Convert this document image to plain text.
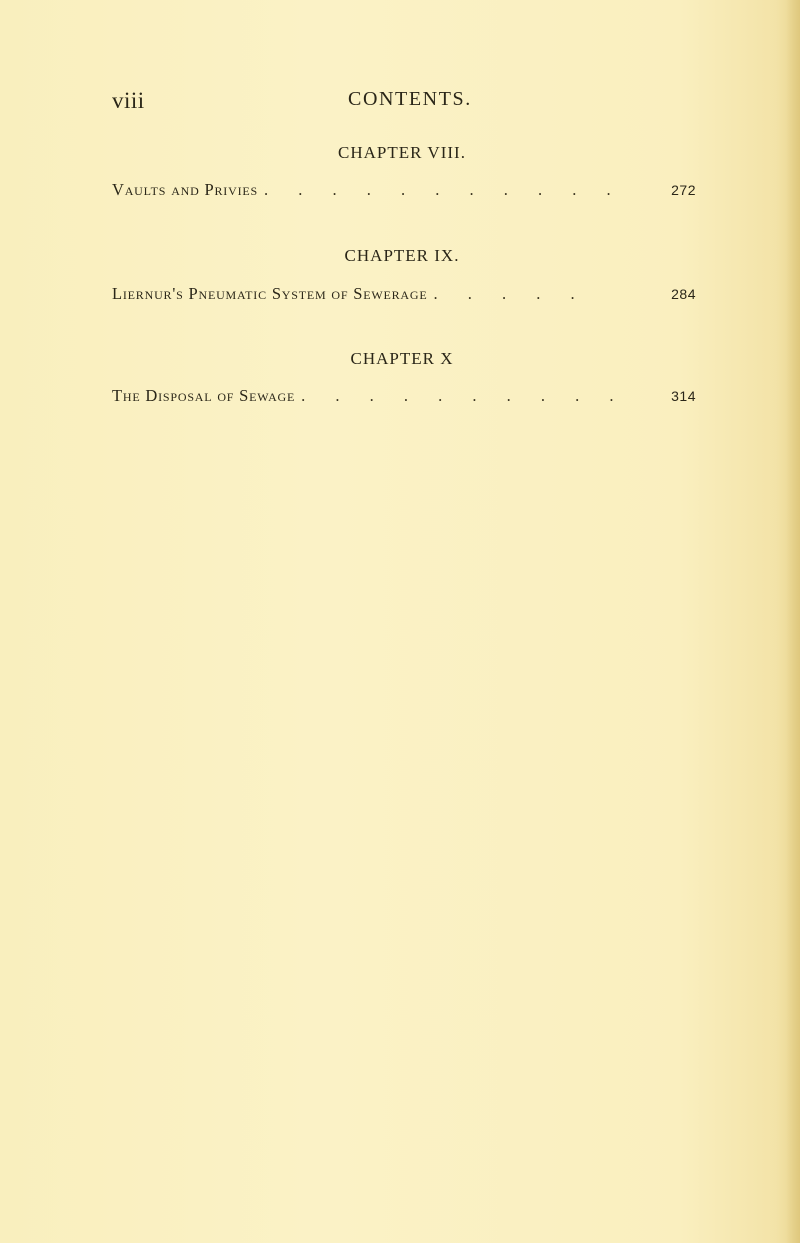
viii	CONTENTS.
CHAPTER VIII.
Vaults and Privies . . . . . . . . . . .	272
CHAPTER IX.
Liernur's Pneumatic System of Sewerage . . . . .	284
CHAPTER X
The Disposal of Sewage . . . . . . . . . .	314
